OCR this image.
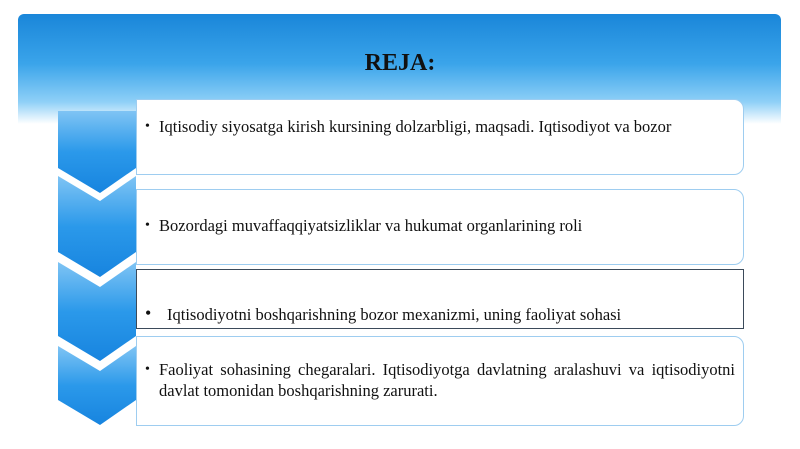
REJA:
• Iqtisodiy siyosatga kirish kursining dolzarbligi, maqsadi. Iqtisodiyot va bozor
• Bozordagi muvaffaqqiyatsizliklar va hukumat organlarining roli
• Iqtisodiyotni boshqarishning bozor mexanizmi, uning faoliyat sohasi
• Faoliyat sohasining chegaralari. Iqtisodiyotga davlatning aralashuvi va iqtisodiyotni davlat tomonidan boshqarishning zarurati.
